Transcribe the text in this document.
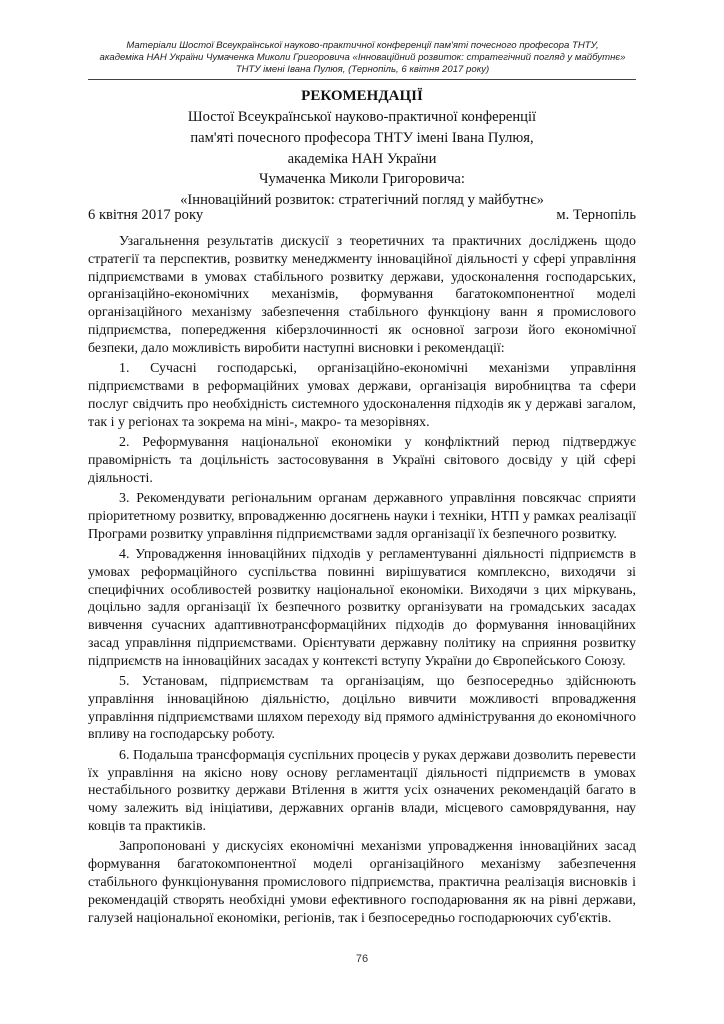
Матеріали Шостої Всеукраїнської науково-практичної конференції пам'яті почесного професора ТНТУ,
академіка НАН України Чумаченка Миколи Григоровича «Інноваційний розвиток: стратегічний погляд у майбутнє»
ТНТУ імені Івана Пулюя, (Тернопіль, 6 квітня 2017 року)
РЕКОМЕНДАЦІЇ
Шостої Всеукраїнської науково-практичної конференції
пам'яті почесного професора ТНТУ імені Івана Пулюя,
академіка НАН України
Чумаченка Миколи Григоровича:
«Інноваційний розвиток: стратегічний погляд у майбутнє»
6 квітня 2017 року	м. Тернопіль

Узагальнення результатів дискусії з теоретичних та практичних досліджень щодо стратегії та перспектив, розвитку менеджменту інноваційної діяльності у сфері управління підприємствами в умовах стабільного розвитку держави, удосконалення господарських, організаційно-економічних механізмів, формування багатокомпонентної моделі організаційного механізму забезпечення стабільного функціону ванн я промислового підприємства, попередження кіберзлочинності як основної загрози його економічної безпеки, дало можливість виробити наступні висновки і рекомендації:

1. Сучасні господарські, організаційно-економічні механізми управління підприємствами в реформаційних умовах держави, організація виробництва та сфери послуг свідчить про необхідність системного удосконалення підходів як у державі загалом, так і у регіонах та зокрема на міні-, макро- та мезорівнях.

2. Реформування національної економіки у конфліктний перюд підтверджує правомірність та доцільність застосовування в Україні світового досвіду у цій сфері діяльності.

3. Рекомендувати регіональним органам державного управління повсякчас сприяти пріоритетному розвитку, впровадженню досягнень науки і техніки, НТП у рамках реалізації Програми розвитку управління підприємствами задля організації їх безпечного розвитку.

4. Упровадження інноваційних підходів у регламентуванні діяльності підприємств в умовах реформаційного суспільства повинні вирішуватися комплексно, виходячи зі специфічних особливостей розвитку національної економіки. Виходячи з цих міркувань, доцільно задля організації їх безпечного розвитку організувати на громадських засадах вивчення сучасних адаптивнотрансформаційних підходів до формування інноваційних засад управління підприємствами. Орієнтувати державну політику на сприяння розвитку підприємств на інноваційних засадах у контексті вступу України до Європейського Союзу.

5. Установам, підприємствам та організаціям, що безпосередньо здійснюють управління інноваційною діяльністю, доцільно вивчити можливості впровадження управління підприємствами шляхом переходу від прямого адміністрування до економічного впливу на господарську роботу.

6. Подальша трансформація суспільних процесів у руках держави дозволить перевести їх управління на якісно нову основу регламентації діяльності підприємств в умовах нестабільного розвитку держави Втілення в життя усіх означених рекомендацій багато в чому залежить від ініціативи, державних органів влади, місцевого самоврядування, нау ковців та практиків.

Запропоновані у дискусіях економічні механізми упровадження інноваційних засад формування багатокомпонентної моделі організаційного механізму забезпечення стабільного функціонування промислового підприємства, практична реалізація висновків і рекомендацій створять необхідні умови ефективного господарювання як на рівні держави, галузей національної економіки, регіонів, так і безпосередньо господарюючих суб'єктів.

76
